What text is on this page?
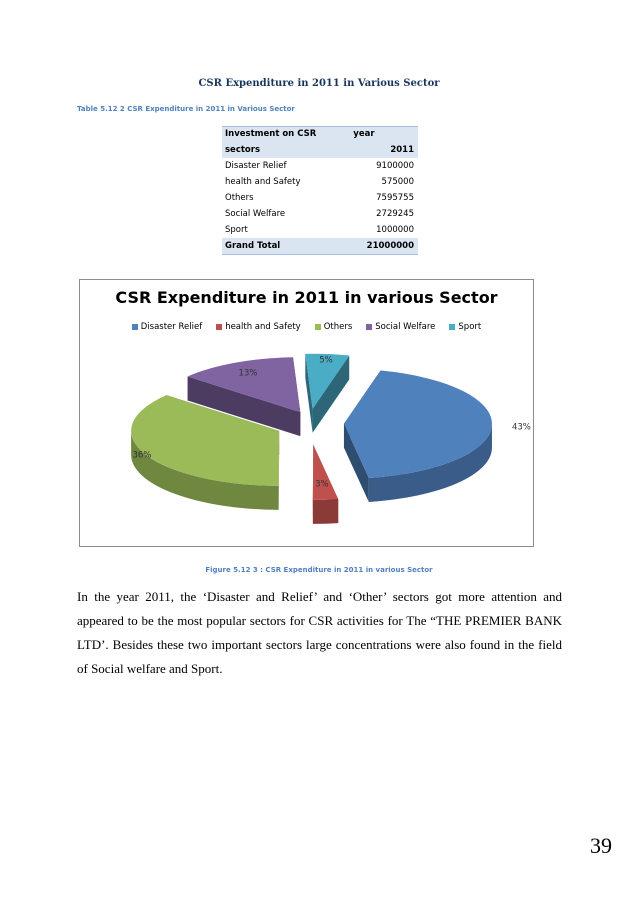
CSR Expenditure in 2011 in Various Sector
Table 5.12 2 CSR Expenditure in 2011 in Various Sector
Investment on CSR	year
sectors	2011
Disaster Relief	9100000
health and Safety	575000
Others	7595755
Social Welfare	2729245
Sport	1000000
Grand Total	21000000
CSR Expenditure in 2011 in various Sector
Disaster Relief	health and Safety	Others	Social Welfare	Sport
43%
3%
36%
13%
5%
Figure 5.12 3 : CSR Expenditure in 2011 in various Sector

In the year 2011, the ‘Disaster and Relief’ and ‘Other’ sectors got more attention and appeared to be the most popular sectors for CSR activities for The “THE PREMIER BANK LTD’. Besides these two important sectors large concentrations were also found in the field of Social welfare and Sport.

39
